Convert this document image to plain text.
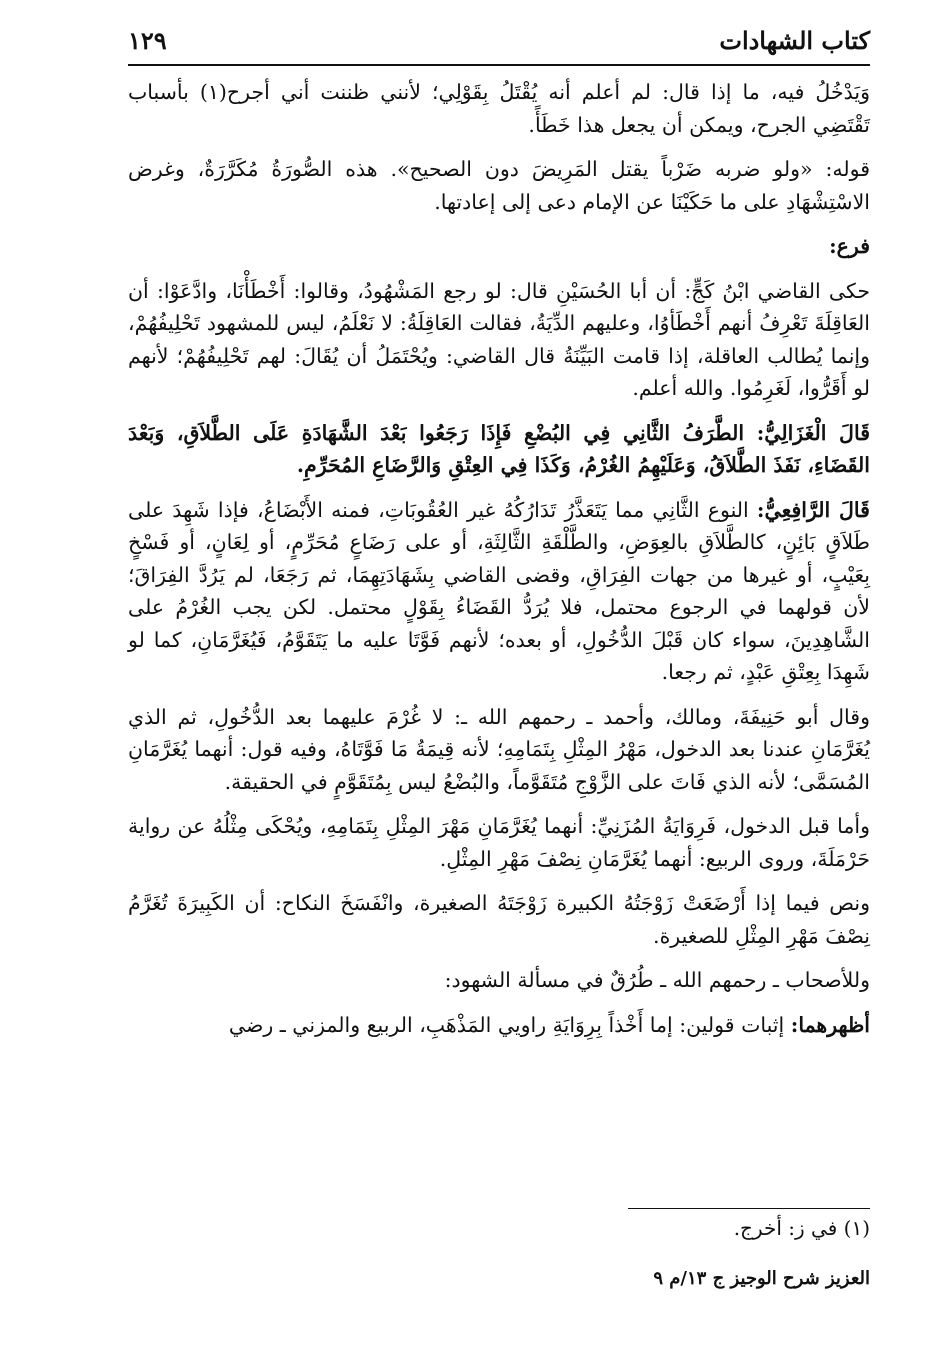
كتاب الشهادات
١٢٩

وَيَدْخُلُ فيه، ما إذا قال: لم أعلم أنه يُقْتَلُ بِقَوْلِي؛ لأنني ظننت أني أجرح(١) بأسباب تَقْتَضِي الجرح، ويمكن أن يجعل هذا خَطَأً.

قوله: «ولو ضربه ضَرْباً يقتل المَرِيضَ دون الصحيح». هذه الصُّورَةُ مُكَرَّرَةٌ، وغرض الاسْتِشْهَادِ على ما حَكَيْنَا عن الإمام دعى إلى إعادتها.

فرع:

حكى القاضي ابْنُ كَجٍّ: أن أبا الحُسَيْنِ قال: لو رجع المَشْهُودُ، وقالوا: أَخْطَأْنَا، وادَّعَوْا: أن العَاقِلَةَ تَعْرِفُ أنهم أَخْطَأوُا، وعليهم الدِّيَةُ، فقالت العَاقِلَةُ: لا نَعْلَمُ، ليس للمشهود تَحْلِيفُهُمْ، وإنما يُطالب العاقلة، إذا قامت البَيِّنَةُ قال القاضي: ويُحْتَمَلُ أن يُقَالَ: لهم تَحْلِيفُهُمْ؛ لأنهم لو أَقَرُّوا، لَغَرِمُوا. والله أعلم.

قَالَ الْغَزَالِيُّ: الطَّرَفُ الثَّانِي فِي البُضْعِ فَإِذَا رَجَعُوا بَعْدَ الشَّهَادَةِ عَلَى الطَّلاَقِ، وَبَعْدَ القَضَاءِ، نَفَذَ الطَّلاَقُ، وَعَلَيْهِمُ الغُرْمُ، وَكَذَا فِي العِتْقِ وَالرَّضَاعِ المُحَرِّمِ.

قَالَ الرَّافِعِيُّ: النوع الثَّانِي مما يَتَعَذَّرُ تَدَارُكُهُ غير العُقُوبَاتِ، فمنه الأَبْضَاعُ، فإذا شَهِدَ على طَلاَقٍ بَائِنٍ، كالطَّلاَقِ بالعِوَضِ، والطَّلْقَةِ الثَّالِثَةِ، أو على رَضَاعٍ مُحَرِّمٍ، أو لِعَانٍ، أو فَسْخٍ بِعَيْبٍ، أو غيرها من جهات الفِرَاقِ، وقضى القاضي بِشَهَادَتِهِمَا، ثم رَجَعَا، لم يَرُدَّ الفِرَاقَ؛ لأن قولهما في الرجوع محتمل، فلا يُرَدُّ القَضَاءُ بِقَوْلٍ محتمل. لكن يجب الغُرْمُ على الشَّاهِدِينَ، سواء كان قَبْلَ الدُّخُولِ، أو بعده؛ لأنهم فَوَّتَا عليه ما يَتَقَوَّمُ، فَيُغَرَّمَانِ، كما لو شَهِدَا بِعِتْقِ عَبْدٍ، ثم رجعا.

وقال أبو حَنِيفَةَ، ومالك، وأحمد ـ رحمهم الله ـ: لا غُرْمَ عليهما بعد الدُّخُولِ، ثم الذي يُغَرَّمَانِ عندنا بعد الدخول، مَهْرُ المِثْلِ بِتَمَامِهِ؛ لأنه قِيمَةُ مَا فَوَّتَاهُ، وفيه قول: أنهما يُغَرَّمَانِ المُسَمَّى؛ لأنه الذي فَاتَ على الزَّوْجِ مُتَقَوَّماً، والبُضْعُ ليس بِمُتَقَوَّمٍ في الحقيقة.

وأما قبل الدخول، فَرِوَايَةُ المُزَنِيِّ: أنهما يُغَرَّمَانِ مَهْرَ المِثْلِ بِتَمَامِهِ، ويُحْكَى مِثْلُهُ عن رواية حَرْمَلَةَ، وروى الربيع: أنهما يُغَرَّمَانِ نِصْفَ مَهْرِ المِثْلِ.

ونص فيما إذا أَرْضَعَتْ زَوْجَتُهُ الكبيرة زَوْجَتَهُ الصغيرة، وانْفَسَخَ النكاح: أن الكَبِيرَةَ تُغَرَّمُ نِصْفَ مَهْرِ المِثْلِ للصغيرة.

وللأصحاب ـ رحمهم الله ـ طُرُقٌ في مسألة الشهود:

أظهرهما: إثبات قولين: إما أَخْذاً بِرِوَايَةِ راويي المَذْهَبِ، الربيع والمزني ـ رضي

(١) في ز: أخرج.
العزيز شرح الوجيز ج ١٣/م ٩
